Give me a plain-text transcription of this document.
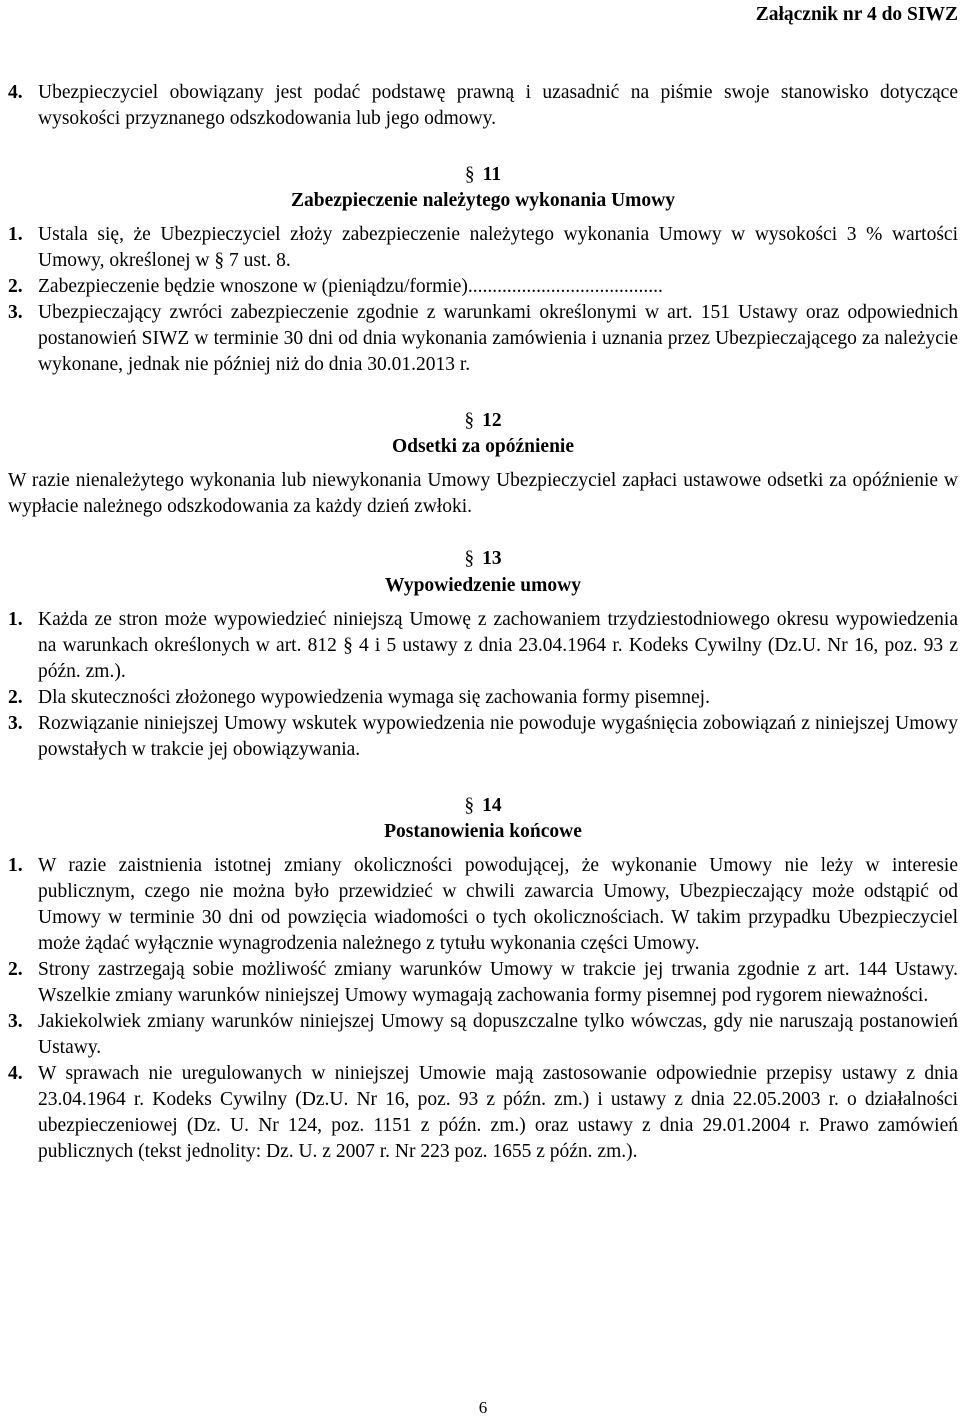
Załącznik nr 4 do SIWZ

4. Ubezpieczyciel obowiązany jest podać podstawę prawną i uzasadnić na piśmie swoje stanowisko dotyczące wysokości przyznanego odszkodowania lub jego odmowy.

§ 11
Zabezpieczenie należytego wykonania Umowy

1. Ustala się, że Ubezpieczyciel złoży zabezpieczenie należytego wykonania Umowy w wysokości 3 % wartości Umowy, określonej w § 7 ust. 8.

2. Zabezpieczenie będzie wnoszone w (pieniądzu/formie)........................................

3. Ubezpieczający zwróci zabezpieczenie zgodnie z warunkami określonymi w art. 151 Ustawy oraz odpowiednich postanowień SIWZ w terminie 30 dni od dnia wykonania zamówienia i uznania przez Ubezpieczającego za należycie wykonane, jednak nie później niż do dnia 30.01.2013 r.

§ 12
Odsetki za opóźnienie

W razie nienależytego wykonania lub niewykonania Umowy Ubezpieczyciel zapłaci ustawowe odsetki za opóźnienie w wypłacie należnego odszkodowania za każdy dzień zwłoki.

§ 13
Wypowiedzenie umowy

1. Każda ze stron może wypowiedzieć niniejszą Umowę z zachowaniem trzydziestodniowego okresu wypowiedzenia na warunkach określonych w art. 812 § 4 i 5 ustawy z dnia 23.04.1964 r. Kodeks Cywilny (Dz.U. Nr 16, poz. 93 z późn. zm.).

2. Dla skuteczności złożonego wypowiedzenia wymaga się zachowania formy pisemnej.

3. Rozwiązanie niniejszej Umowy wskutek wypowiedzenia nie powoduje wygaśnięcia zobowiązań z niniejszej Umowy powstałych w trakcie jej obowiązywania.

§ 14
Postanowienia końcowe

1. W razie zaistnienia istotnej zmiany okoliczności powodującej, że wykonanie Umowy nie leży w interesie publicznym, czego nie można było przewidzieć w chwili zawarcia Umowy, Ubezpieczający może odstąpić od Umowy w terminie 30 dni od powzięcia wiadomości o tych okolicznościach. W takim przypadku Ubezpieczyciel może żądać wyłącznie wynagrodzenia należnego z tytułu wykonania części Umowy.

2. Strony zastrzegają sobie możliwość zmiany warunków Umowy w trakcie jej trwania zgodnie z art. 144 Ustawy. Wszelkie zmiany warunków niniejszej Umowy wymagają zachowania formy pisemnej pod rygorem nieważności.

3. Jakiekolwiek zmiany warunków niniejszej Umowy są dopuszczalne tylko wówczas, gdy nie naruszają postanowień Ustawy.

4. W sprawach nie uregulowanych w niniejszej Umowie mają zastosowanie odpowiednie przepisy ustawy z dnia 23.04.1964 r. Kodeks Cywilny (Dz.U. Nr 16, poz. 93 z późn. zm.) i ustawy z dnia 22.05.2003 r. o działalności ubezpieczeniowej (Dz. U. Nr 124, poz. 1151 z późn. zm.) oraz ustawy z dnia 29.01.2004 r. Prawo zamówień publicznych (tekst jednolity: Dz. U. z 2007 r. Nr 223 poz. 1655 z późn. zm.).

6
